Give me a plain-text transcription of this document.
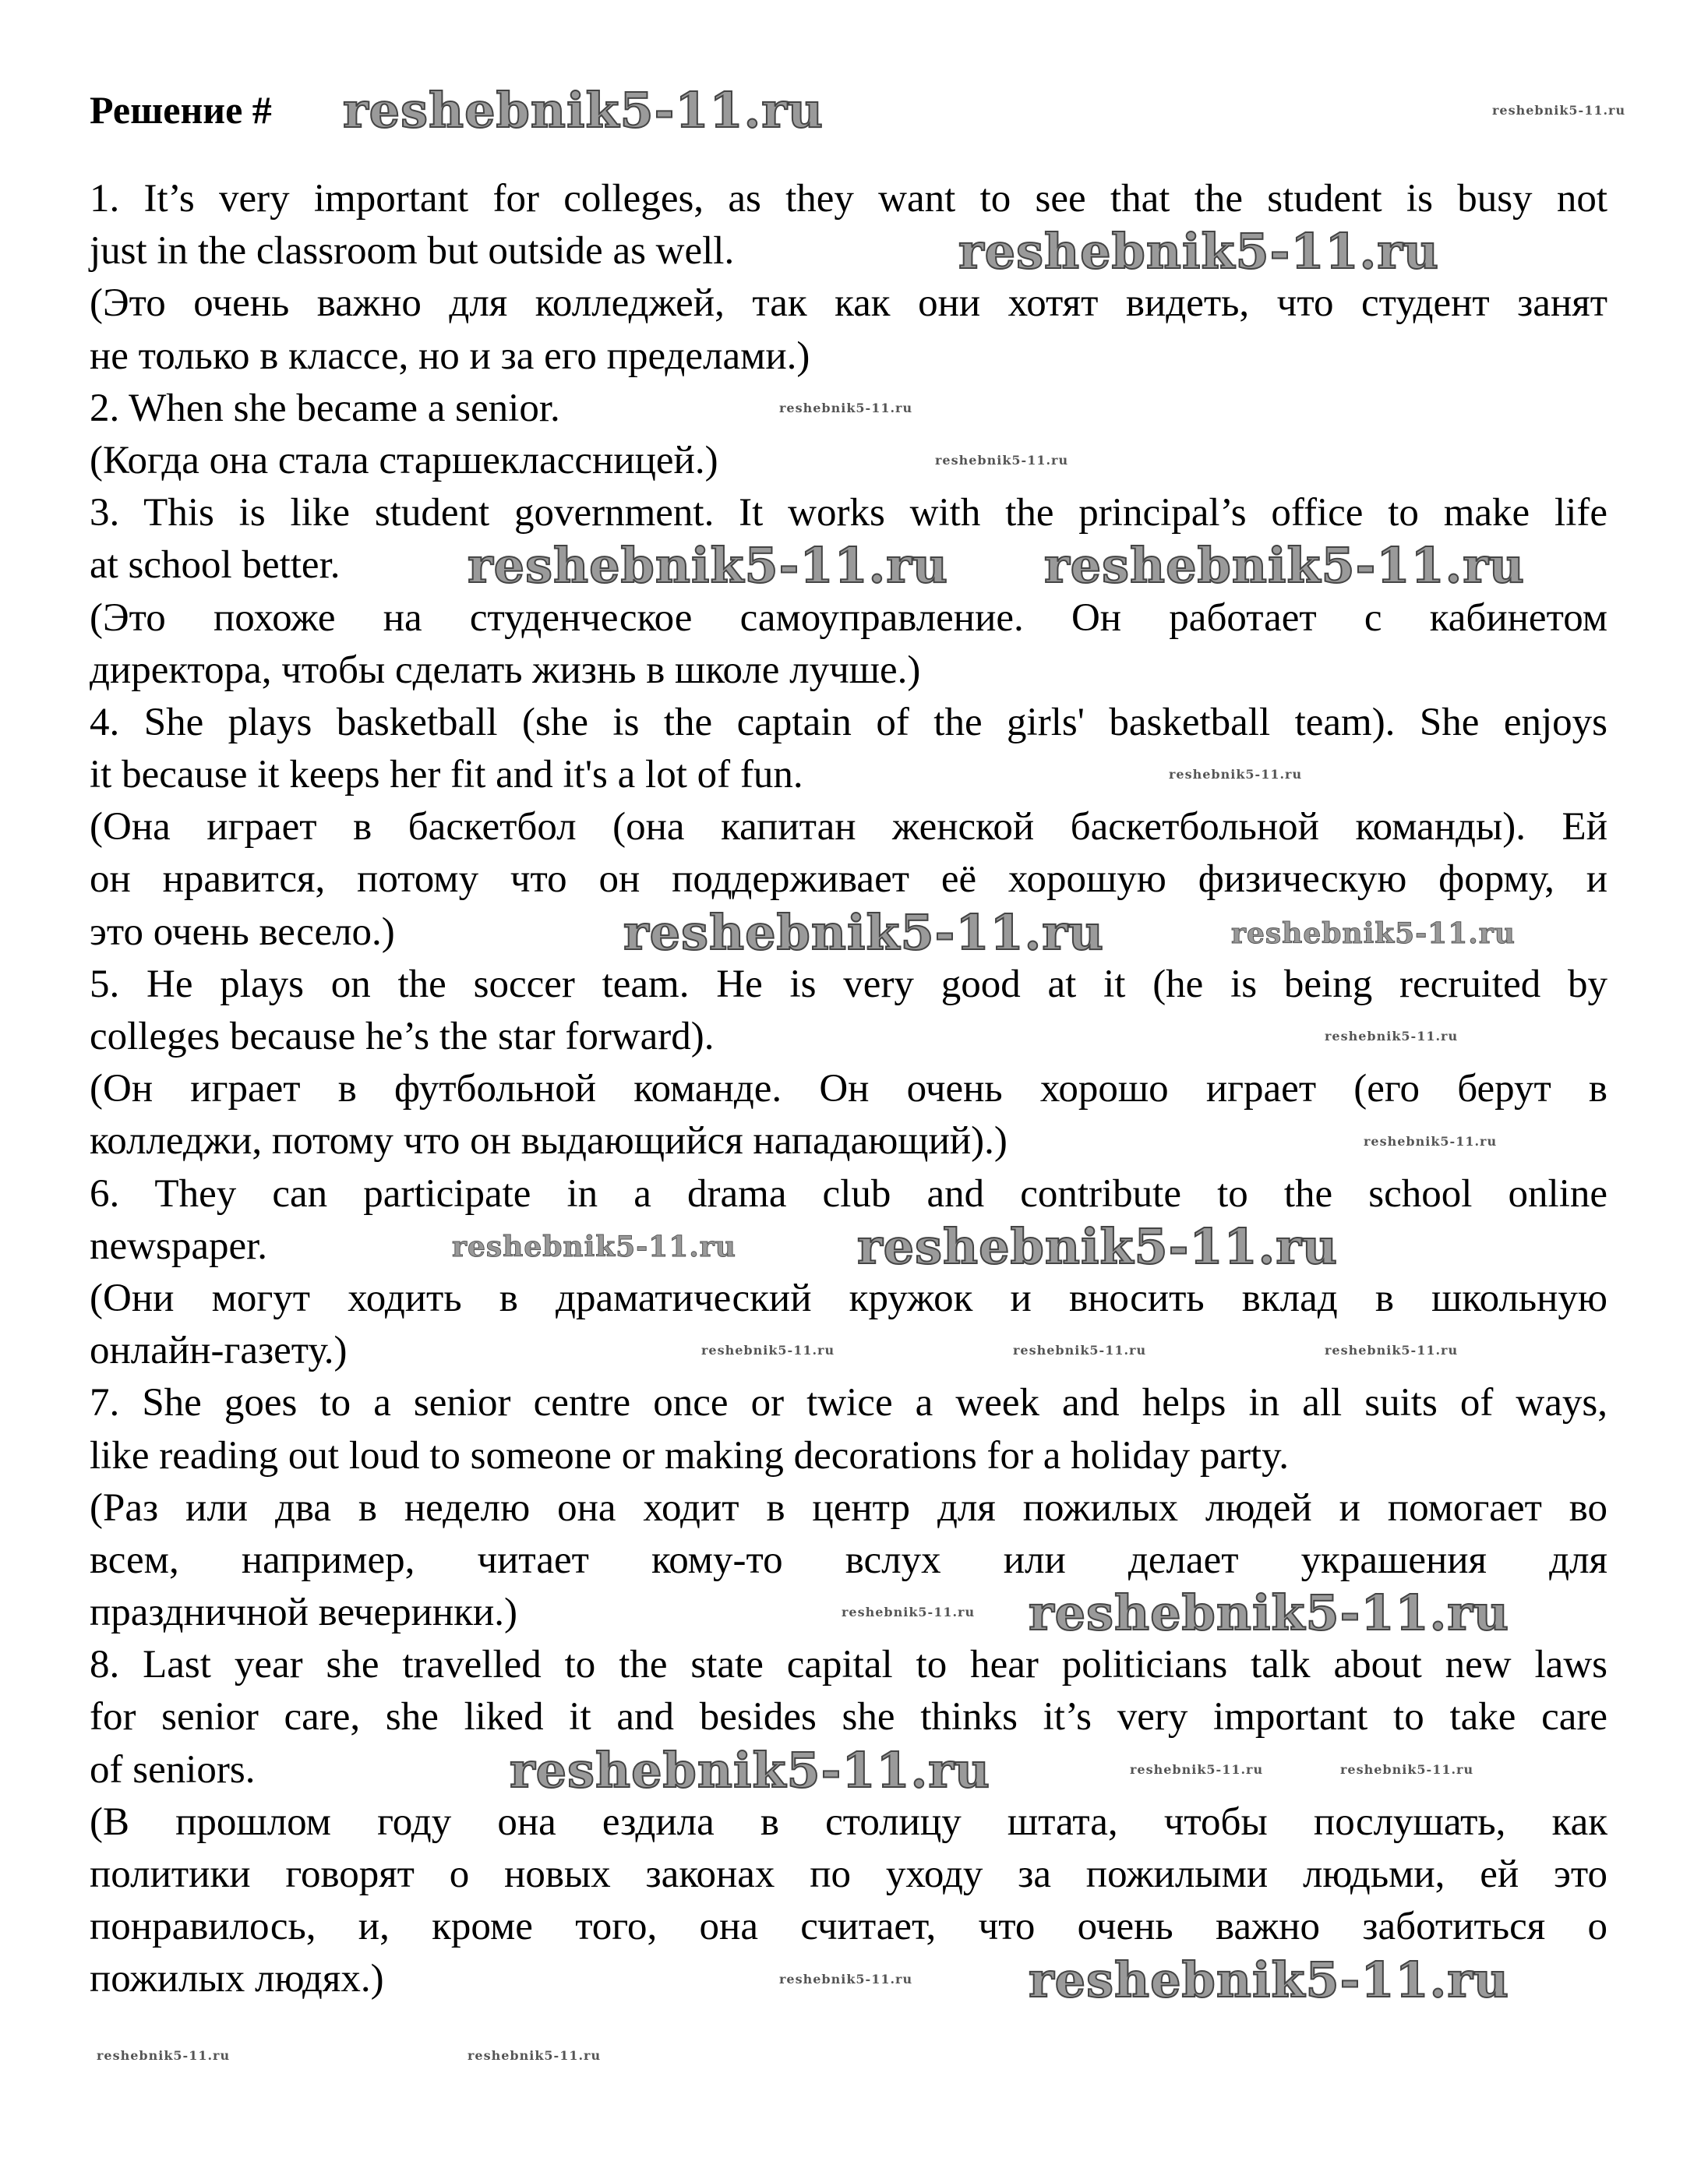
Решение #
1. It’s very important for colleges, as they want to see that the student is busy not
just in the classroom but outside as well.
(Это очень важно для колледжей, так как они хотят видеть, что студент занят
не только в классе, но и за его пределами.)
2. When she became a senior.
(Когда она стала старшеклассницей.)
3. This is like student government. It works with the principal’s office to make life
at school better.
(Это похоже на студенческое самоуправление. Он работает с кабинетом
директора, чтобы сделать жизнь в школе лучше.)
4. She plays basketball (she is the captain of the girls' basketball team). She enjoys
it because it keeps her fit and it's a lot of fun.
(Она играет в баскетбол (она капитан женской баскетбольной команды). Ей
он нравится, потому что он поддерживает её хорошую физическую форму, и
это очень весело.)
5. He plays on the soccer team. He is very good at it (he is being recruited by
colleges because he’s the star forward).
(Он играет в футбольной команде. Он очень хорошо играет (его берут в
колледжи, потому что он выдающийся нападающий).)
6. They can participate in a drama club and contribute to the school online
newspaper.
(Они могут ходить в драматический кружок и вносить вклад в школьную
онлайн-газету.)
7. She goes to a senior centre once or twice a week and helps in all suits of ways,
like reading out loud to someone or making decorations for a holiday party.
(Раз или два в неделю она ходит в центр для пожилых людей и помогает во
всем, например, читает кому-то вслух или делает украшения для
праздничной вечеринки.)
8. Last year she travelled to the state capital to hear politicians talk about new laws
for senior care, she liked it and besides she thinks it’s very important to take care
of seniors.
(В прошлом году она ездила в столицу штата, чтобы послушать, как
политики говорят о новых законах по уходу за пожилыми людьми, ей это
понравилось, и, кроме того, она считает, что очень важно заботиться о
пожилых людях.)
reshebnik5-11.ru
reshebnik5-11.ru
reshebnik5-11.ru reshebnik5-11.ru
reshebnik5-11.ru
reshebnik5-11.ru
reshebnik5-11.ru
reshebnik5-11.ru
reshebnik5-11.ru
reshebnik5-11.ru
reshebnik5-11.ru
reshebnik5-11.ru
reshebnik5-11.ru
reshebnik5-11.ru
reshebnik5-11.ru
reshebnik5-11.ru
reshebnik5-11.ru
reshebnik5-11.ru	reshebnik5-11.ru	reshebnik5-11.ru
reshebnik5-11.ru
reshebnik5-11.ru	reshebnik5-11.ru
reshebnik5-11.ru
reshebnik5-11.ru	reshebnik5-11.ru
